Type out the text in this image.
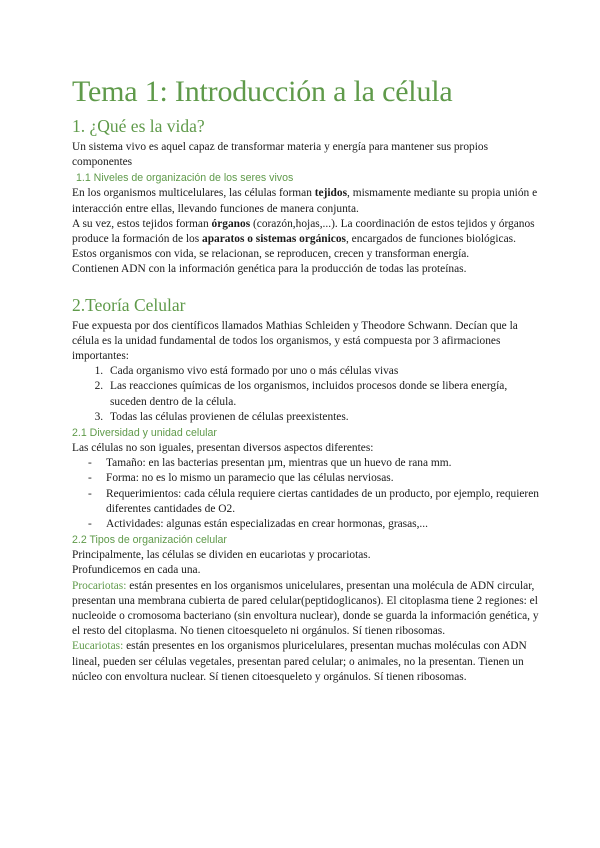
Tema 1: Introducción a la célula
1. ¿Qué es la vida?

Un sistema vivo es aquel capaz de transformar materia y energía para mantener sus propios componentes

1.1 Niveles de organización de los seres vivos

En los organismos multicelulares, las células forman tejidos, mismamente mediante su propia unión e interacción entre ellas, llevando funciones de manera conjunta.

A su vez, estos tejidos forman órganos (corazón,hojas,...). La coordinación de estos tejidos y órganos produce la formación de los aparatos o sistemas orgánicos, encargados de funciones biológicas.

Estos organismos con vida, se relacionan, se reproducen, crecen y transforman energía.

Contienen ADN con la información genética para la producción de todas las proteínas.

2.Teoría Celular

Fue expuesta por dos científicos llamados Mathias Schleiden y Theodore Schwann. Decían que la célula es la unidad fundamental de todos los organismos, y está compuesta por 3 afirmaciones importantes:

1. Cada organismo vivo está formado por uno o más células vivas
2. Las reacciones químicas de los organismos, incluidos procesos donde se libera energía, suceden dentro de la célula.
3. Todas las células provienen de células preexistentes.
2.1 Diversidad y unidad celular

Las células no son iguales, presentan diversos aspectos diferentes:

- Tamaño: en las bacterias presentan µm, mientras que un huevo de rana mm.
- Forma: no es lo mismo un paramecio que las células nerviosas.
- Requerimientos: cada célula requiere ciertas cantidades de un producto, por ejemplo, requieren diferentes cantidades de O2.
- Actividades: algunas están especializadas en crear hormonas, grasas,...
2.2 Tipos de organización celular

Principalmente, las células se dividen en eucariotas y procariotas.

Profundicemos en cada una.

Procariotas: están presentes en los organismos unicelulares, presentan una molécula de ADN circular, presentan una membrana cubierta de pared celular(peptidoglicanos). El citoplasma tiene 2 regiones: el nucleoide o cromosoma bacteriano (sin envoltura nuclear), donde se guarda la información genética, y el resto del citoplasma. No tienen citoesqueleto ni orgánulos. Sí tienen ribosomas.

Eucariotas: están presentes en los organismos pluricelulares, presentan muchas moléculas con ADN lineal, pueden ser células vegetales, presentan pared celular; o animales, no la presentan. Tienen un núcleo con envoltura nuclear. Sí tienen citoesqueleto y orgánulos. Sí tienen ribosomas.
